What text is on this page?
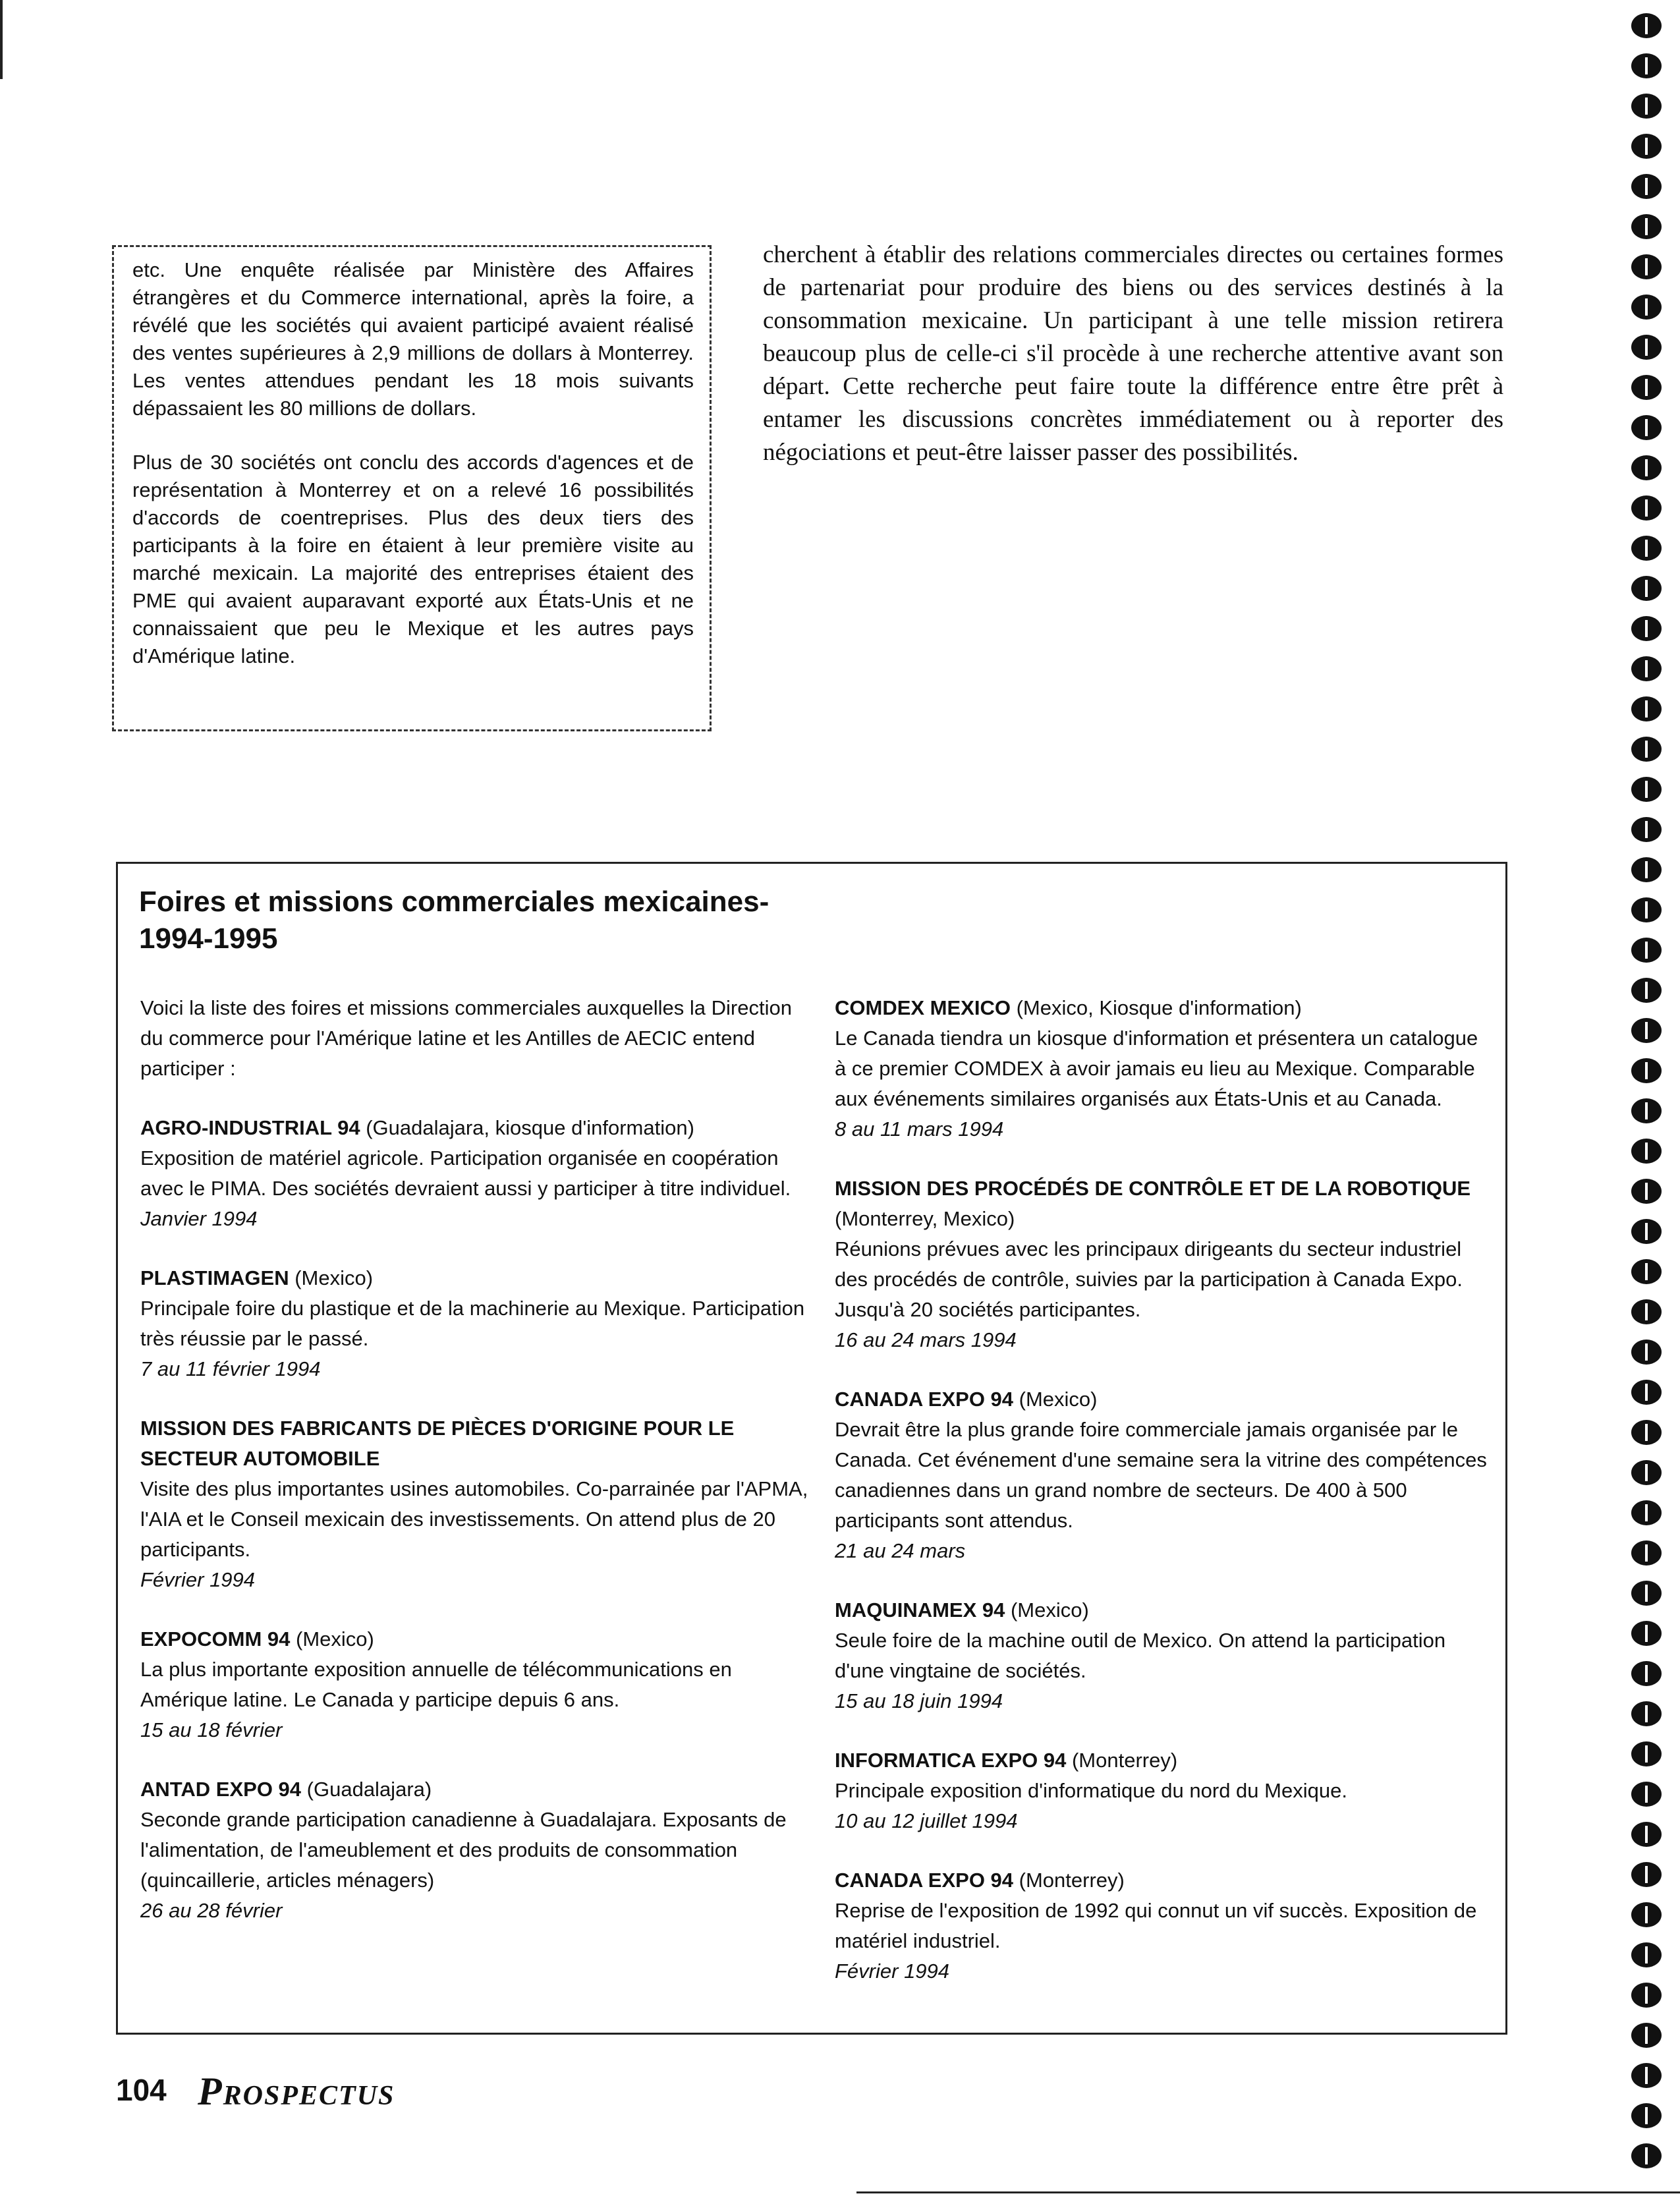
etc. Une enquête réalisée par Ministère des Affaires étrangères et du Commerce international, après la foire, a révélé que les sociétés qui avaient participé avaient réalisé des ventes supérieures à 2,9 millions de dollars à Monterrey. Les ventes attendues pendant les 18 mois suivants dépassaient les 80 millions de dollars.

Plus de 30 sociétés ont conclu des accords d'agences et de représentation à Monterrey et on a relevé 16 possibilités d'accords de coentreprises. Plus des deux tiers des participants à la foire en étaient à leur première visite au marché mexicain. La majorité des entreprises étaient des PME qui avaient auparavant exporté aux États-Unis et ne connaissaient que peu le Mexique et les autres pays d'Amérique latine.

cherchent à établir des relations commerciales directes ou certaines formes de partenariat pour produire des biens ou des services destinés à la consommation mexicaine. Un participant à une telle mission retirera beaucoup plus de celle-ci s'il procède à une recherche attentive avant son départ. Cette recherche peut faire toute la différence entre être prêt à entamer les discussions concrètes immédiatement ou à reporter des négociations et peut-être laisser passer des possibilités.

Foires et missions commerciales mexicaines-
1994-1995

Voici la liste des foires et missions commerciales auxquelles la Direction du commerce pour l'Amérique latine et les Antilles de AECIC entend participer :

AGRO-INDUSTRIAL 94 (Guadalajara, kiosque d'information)
Exposition de matériel agricole. Participation organisée en coopération avec le PIMA. Des sociétés devraient aussi y participer à titre individuel.
Janvier 1994
PLASTIMAGEN (Mexico)
Principale foire du plastique et de la machinerie au Mexique. Participation très réussie par le passé.
7 au 11 février 1994
MISSION DES FABRICANTS DE PIÈCES D'ORIGINE POUR LE SECTEUR AUTOMOBILE
Visite des plus importantes usines automobiles. Co-parrainée par l'APMA, l'AIA et le Conseil mexicain des investissements. On attend plus de 20 participants.
Février 1994
EXPOCOMM 94 (Mexico)
La plus importante exposition annuelle de télécommunications en Amérique latine. Le Canada y participe depuis 6 ans.
15 au 18 février
ANTAD EXPO 94 (Guadalajara)
Seconde grande participation canadienne à Guadalajara. Exposants de l'alimentation, de l'ameublement et des produits de consommation (quincaillerie, articles ménagers)
26 au 28 février
COMDEX MEXICO (Mexico, Kiosque d'information)
Le Canada tiendra un kiosque d'information et présentera un catalogue à ce premier COMDEX à avoir jamais eu lieu au Mexique. Comparable aux événements similaires organisés aux États-Unis et au Canada.
8 au 11 mars 1994
MISSION DES PROCÉDÉS DE CONTRÔLE ET DE LA ROBOTIQUE
(Monterrey, Mexico)
Réunions prévues avec les principaux dirigeants du secteur industriel des procédés de contrôle, suivies par la participation à Canada Expo. Jusqu'à 20 sociétés participantes.
16 au 24 mars 1994
CANADA EXPO 94 (Mexico)
Devrait être la plus grande foire commerciale jamais organisée par le Canada. Cet événement d'une semaine sera la vitrine des compétences canadiennes dans un grand nombre de secteurs. De 400 à 500 participants sont attendus.
21 au 24 mars
MAQUINAMEX 94 (Mexico)
Seule foire de la machine outil de Mexico. On attend la participation d'une vingtaine de sociétés.
15 au 18 juin 1994
INFORMATICA EXPO 94 (Monterrey)
Principale exposition d'informatique du nord du Mexique.
10 au 12 juillet 1994
CANADA EXPO 94 (Monterrey)
Reprise de l'exposition de 1992 qui connut un vif succès. Exposition de matériel industriel.
Février 1994
104 PROSPECTUS
